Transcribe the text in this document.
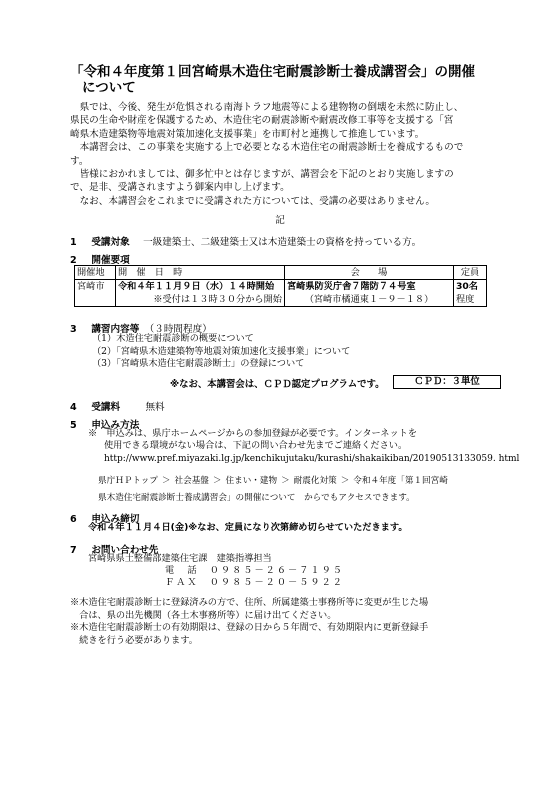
「令和４年度第１回宮崎県木造住宅耐震診断士養成講習会」の開催
について

　県では、今後、発生が危惧される南海トラフ地震等による建物物の倒壊を未然に防止し、

県民の生命や財産を保護するため、木造住宅の耐震診断や耐震改修工事等を支援する「宮

崎県木造建築物等地震対策加速化支援事業」を市町村と連携して推進しています。

　本講習会は、この事業を実施する上で必要となる木造住宅の耐震診断士を養成するもので

す。

　皆様におかれましては、御多忙中とは存じますが、講習会を下記のとおり実施しますの

で、是非、受講されますよう御案内申し上げます。

　なお、本講習会をこれまでに受講された方については、受講の必要はありません。

記
1 受講対象 一級建築士、二級建築士又は木造建築士の資格を持っている方。
2 開催要項
開催地	開　催　日　時	会　　場	定員
宮崎市	令和４年１１月９日（水）１４時開始	宮崎県防災庁舎７階防７４号室	30名
	※受付は１３時３０分から開始	（宮崎市橘通東１－９－１８）	程度
3 講習内容等 （３時間程度）
（1）木造住宅耐震診断の概要について
（2）「宮崎県木造建築物等地震対策加速化支援事業」について
（3）「宮崎県木造住宅耐震診断士」の登録について
※なお、本講習会は、ＣＰＤ認定プログラムです。	ＣＰＤ：３単位
4 受講料	無料
5 申込み方法
※　申込みは、県庁ホームページからの参加登録が必要です。インターネットを
使用できる環境がない場合は、下記の問い合わせ先までご連絡ください。
http://www.pref.miyazaki.lg.jp/kenchikujutaku/kurashi/shakaikiban/20190513133059. html
県庁ＨＰトップ ＞ 社会基盤 ＞ 住まい・建物 ＞ 耐震化対策 ＞ 令和４年度「第１回宮崎
県木造住宅耐震診断士養成講習会」の開催について　からでもアクセスできます。
6 申込み締切
令和４年１１月４日(金)※なお、定員になり次第締め切らせていただきます。
7 お問い合わせ先
宮崎県県土整備部建築住宅課　建築指導担当
電　話　 ０９８５－２６－７１９５
ＦＡＸ　 ０９８５－２０－５９２２
※木造住宅耐震診断士に登録済みの方で、住所、所属建築士事務所等に変更が生じた場
　合は、県の出先機関（各土木事務所等）に届け出てください。
※木造住宅耐震診断士の有効期限は、登録の日から５年間で、有効期限内に更新登録手
　続きを行う必要があります。
